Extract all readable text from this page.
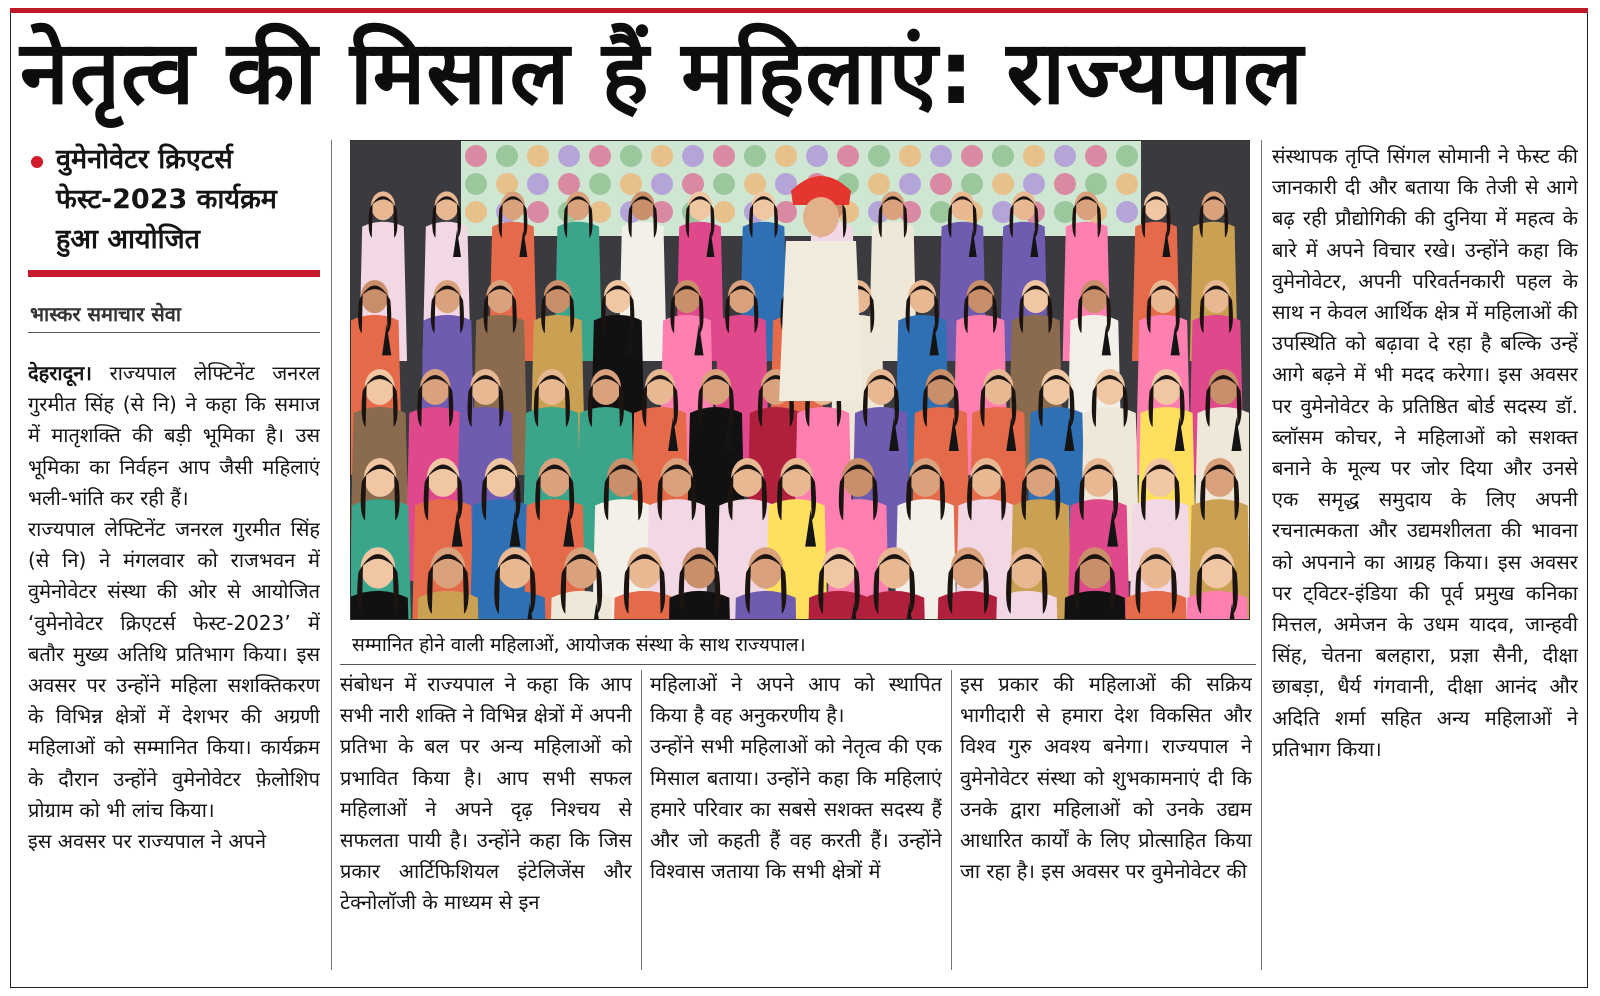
नेतृत्व की मिसाल हैं महिलाएं: राज्यपाल
वुमेनोवेटर क्रिएटर्स फेस्ट-2023 कार्यक्रम हुआ आयोजित
भास्कर समाचार सेवा

देहरादून। राज्यपाल लेफ्टिनेंट जनरल गुरमीत सिंह (से नि) ने कहा कि समाज में मातृशक्ति की बड़ी भूमिका है। उस भूमिका का निर्वहन आप जैसी महिलाएं भली-भांति कर रही हैं।

राज्यपाल लेफ्टिनेंट जनरल गुरमीत सिंह (से नि) ने मंगलवार को राजभवन में वुमेनोवेटर संस्था की ओर से आयोजित ‘वुमेनोवेटर क्रिएटर्स फेस्ट-2023’ में बतौर मुख्य अतिथि प्रतिभाग किया। इस अवसर पर उन्होंने महिला सशक्तिकरण के विभिन्न क्षेत्रों में देशभर की अग्रणी महिलाओं को सम्मानित किया। कार्यक्रम के दौरान उन्होंने वुमेनोवेटर फ़ेलोशिप प्रोग्राम को भी लांच किया।

इस अवसर पर राज्यपाल ने अपने

सम्मानित होने वाली महिलाओं, आयोजक संस्था के साथ राज्यपाल।

संबोधन में राज्यपाल ने कहा कि आप सभी नारी शक्ति ने विभिन्न क्षेत्रों में अपनी प्रतिभा के बल पर अन्य महिलाओं को प्रभावित किया है। आप सभी सफल महिलाओं ने अपने दृढ़ निश्चय से सफलता पायी है। उन्होंने कहा कि जिस प्रकार आर्टिफिशियल इंटेलिजेंस और टेक्नोलॉजी के माध्यम से इन

महिलाओं ने अपने आप को स्थापित किया है वह अनुकरणीय है।

उन्होंने सभी महिलाओं को नेतृत्व की एक मिसाल बताया। उन्होंने कहा कि महिलाएं हमारे परिवार का सबसे सशक्त सदस्य हैं और जो कहती हैं वह करती हैं। उन्होंने विश्वास जताया कि सभी क्षेत्रों में

इस प्रकार की महिलाओं की सक्रिय भागीदारी से हमारा देश विकसित और विश्व गुरु अवश्य बनेगा। राज्यपाल ने वुमेनोवेटर संस्था को शुभकामनाएं दी कि उनके द्वारा महिलाओं को उनके उद्यम आधारित कार्यों के लिए प्रोत्साहित किया जा रहा है। इस अवसर पर वुमेनोवेटर की

संस्थापक तृप्ति सिंगल सोमानी ने फेस्ट की जानकारी दी और बताया कि तेजी से आगे बढ़ रही प्रौद्योगिकी की दुनिया में महत्व के बारे में अपने विचार रखे। उन्होंने कहा कि वुमेनोवेटर, अपनी परिवर्तनकारी पहल के साथ न केवल आर्थिक क्षेत्र में महिलाओं की उपस्थिति को बढ़ावा दे रहा है बल्कि उन्हें आगे बढ़ने में भी मदद करेगा। इस अवसर पर वुमेनोवेटर के प्रतिष्ठित बोर्ड सदस्य डॉ. ब्लॉसम कोचर, ने महिलाओं को सशक्त बनाने के मूल्य पर जोर दिया और उनसे एक समृद्ध समुदाय के लिए अपनी रचनात्मकता और उद्यमशीलता की भावना को अपनाने का आग्रह किया। इस अवसर पर ट्विटर-इंडिया की पूर्व प्रमुख कनिका मित्तल, अमेजन के उधम यादव, जान्हवी सिंह, चेतना बलहारा, प्रज्ञा सैनी, दीक्षा छाबड़ा, धैर्य गंगवानी, दीक्षा आनंद और अदिति शर्मा सहित अन्य महिलाओं ने प्रतिभाग किया।
